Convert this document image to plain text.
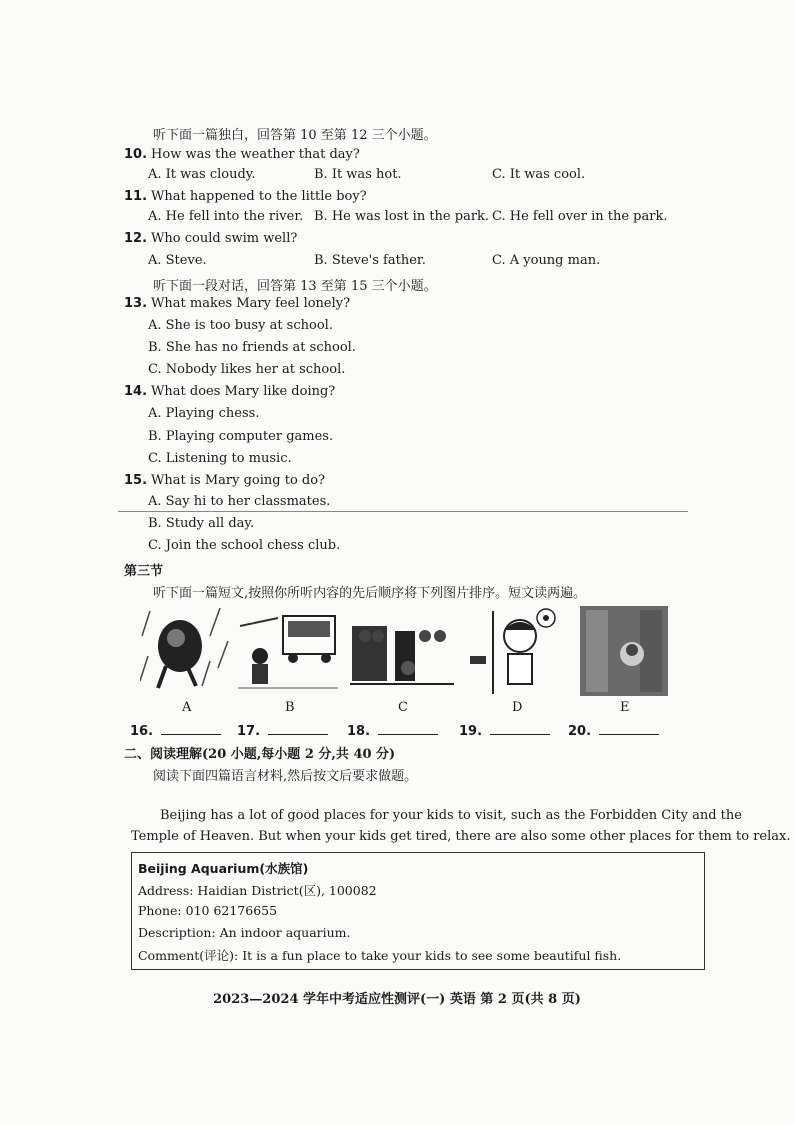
听下面一篇独白，回答第 10 至第 12 三个小题。
10. How was the weather that day?
A. It was cloudy.	B. It was hot.	C. It was cool.
11. What happened to the little boy?
A. He fell into the river. B. He was lost in the park. C. He fell over in the park.
12. Who could swim well?
A. Steve.	B. Steve's father.	C. A young man.
听下面一段对话，回答第 13 至第 15 三个小题。
13. What makes Mary feel lonely?
A. She is too busy at school.
B. She has no friends at school.
C. Nobody likes her at school.
14. What does Mary like doing?
A. Playing chess.
B. Playing computer games.
C. Listening to music.
15. What is Mary going to do?
A. Say hi to her classmates.
B. Study all day.
C. Join the school chess club.
第三节
听下面一篇短文,按照你所听内容的先后顺序将下列图片排序。短文读两遍。
A	B	C	D	E
16.	17.	18.	19.	20.
二、阅读理解(20 小题,每小题 2 分,共 40 分)
阅读下面四篇语言材料,然后按文后要求做题。
Beijing has a lot of good places for your kids to visit, such as the Forbidden City and the
Temple of Heaven. But when your kids get tired, there are also some other places for them to relax.
Beijing Aquarium(水族馆)
Address: Haidian District(区), 100082
Phone: 010 62176655
Description: An indoor aquarium.
Comment(评论): It is a fun place to take your kids to see some beautiful fish.
2023—2024 学年中考适应性测评(一) 英语 第 2 页(共 8 页)
